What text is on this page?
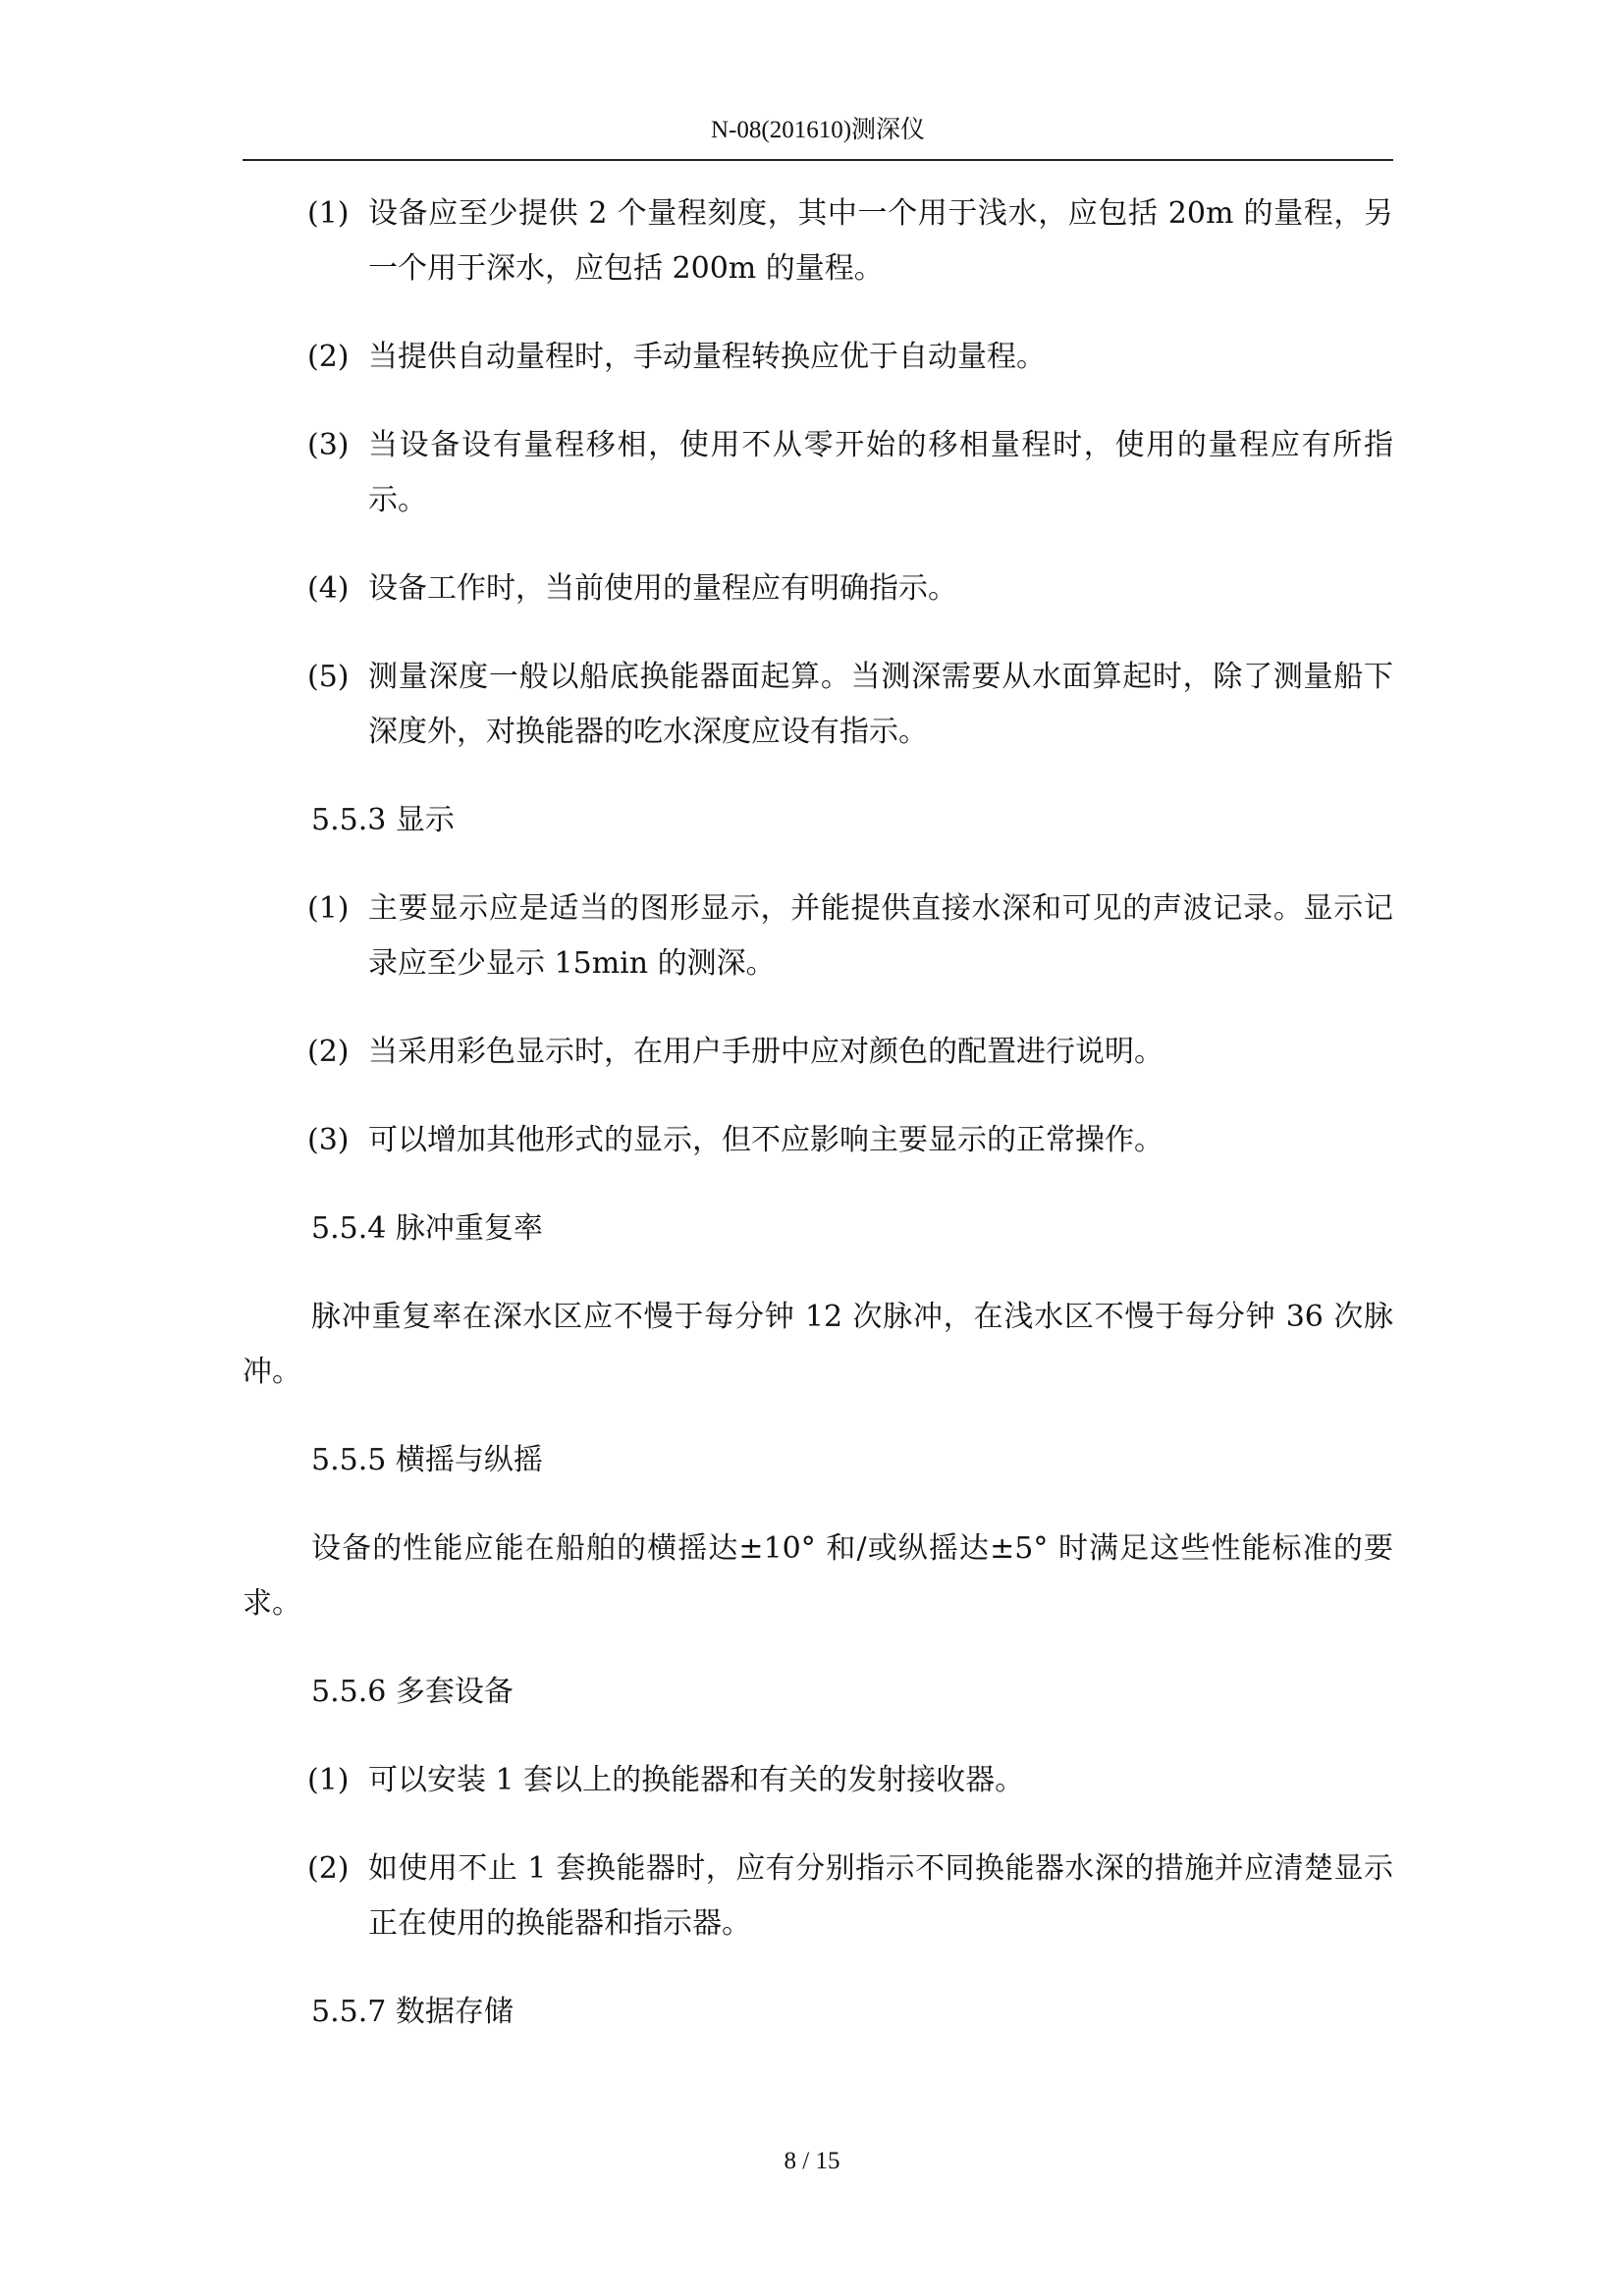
N-08(201610)测深仪
(1) 设备应至少提供 2 个量程刻度，其中一个用于浅水，应包括 20m 的量程，另一个用于深水，应包括 200m 的量程。
(2) 当提供自动量程时，手动量程转换应优于自动量程。
(3) 当设备设有量程移相，使用不从零开始的移相量程时，使用的量程应有所指示。
(4) 设备工作时，当前使用的量程应有明确指示。
(5) 测量深度一般以船底换能器面起算。当测深需要从水面算起时，除了测量船下深度外，对换能器的吃水深度应设有指示。
5.5.3 显示
(1) 主要显示应是适当的图形显示，并能提供直接水深和可见的声波记录。显示记录应至少显示 15min 的测深。
(2) 当采用彩色显示时，在用户手册中应对颜色的配置进行说明。
(3) 可以增加其他形式的显示，但不应影响主要显示的正常操作。
5.5.4 脉冲重复率
脉冲重复率在深水区应不慢于每分钟 12 次脉冲，在浅水区不慢于每分钟 36 次脉冲。
5.5.5 横摇与纵摇
设备的性能应能在船舶的横摇达±10° 和/或纵摇达±5° 时满足这些性能标准的要求。
5.5.6 多套设备
(1) 可以安装 1 套以上的换能器和有关的发射接收器。
(2) 如使用不止 1 套换能器时，应有分别指示不同换能器水深的措施并应清楚显示正在使用的换能器和指示器。
5.5.7 数据存储
8 / 15
